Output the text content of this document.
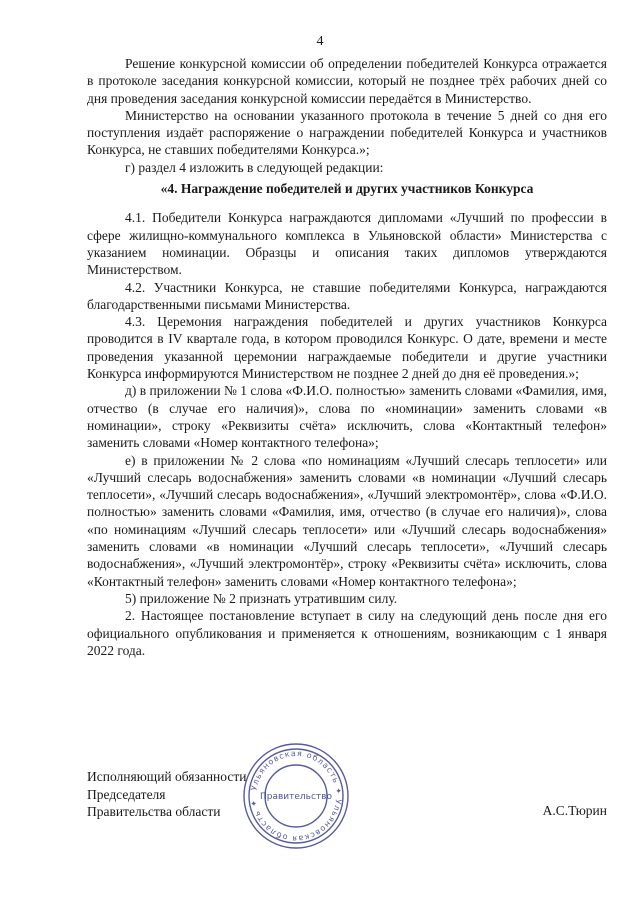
4

Решение конкурсной комиссии об определении победителей Конкурса отражается в протоколе заседания конкурсной комиссии, который не позднее трёх рабочих дней со дня проведения заседания конкурсной комиссии передаётся в Министерство.

Министерство на основании указанного протокола в течение 5 дней со дня его поступления издаёт распоряжение о награждении победителей Конкурса и участников Конкурса, не ставших победителями Конкурса.»;

г) раздел 4 изложить в следующей редакции:

«4. Награждение победителей и других участников Конкурса

4.1. Победители Конкурса награждаются дипломами «Лучший по профессии в сфере жилищно-коммунального комплекса в Ульяновской области» Министерства с указанием номинации. Образцы и описания таких дипломов утверждаются Министерством.

4.2. Участники Конкурса, не ставшие победителями Конкурса, награждаются благодарственными письмами Министерства.

4.3. Церемония награждения победителей и других участников Конкурса проводится в IV квартале года, в котором проводился Конкурс. О дате, времени и месте проведения указанной церемонии награждаемые победители и другие участники Конкурса информируются Министерством не позднее 2 дней до дня её проведения.»;

д) в приложении № 1 слова «Ф.И.О. полностью» заменить словами «Фамилия, имя, отчество (в случае его наличия)», слова по «номинации» заменить словами «в номинации», строку «Реквизиты счёта» исключить, слова «Контактный телефон» заменить словами «Номер контактного телефона»;

е) в приложении № 2 слова «по номинациям «Лучший слесарь теплосети» или «Лучший слесарь водоснабжения» заменить словами «в номинации «Лучший слесарь теплосети», «Лучший слесарь водоснабжения», «Лучший электромонтёр», слова «Ф.И.О. полностью» заменить словами «Фамилия, имя, отчество (в случае его наличия)», слова «по номинациям «Лучший слесарь теплосети» или «Лучший слесарь водоснабжения» заменить словами «в номинации «Лучший слесарь теплосети», «Лучший слесарь водоснабжения», «Лучший электромонтёр», строку «Реквизиты счёта» исключить, слова «Контактный телефон» заменить словами «Номер контактного телефона»;

5) приложение № 2 признать утратившим силу.

2. Настоящее постановление вступает в силу на следующий день после дня его официального опубликования и применяется к отношениям, возникающим с 1 января 2022 года.

Исполняющий обязанности
Председателя
Правительства области	А.С.Тюрин
Ульяновская область ✦ Ульяновская область ✦
Правительство
